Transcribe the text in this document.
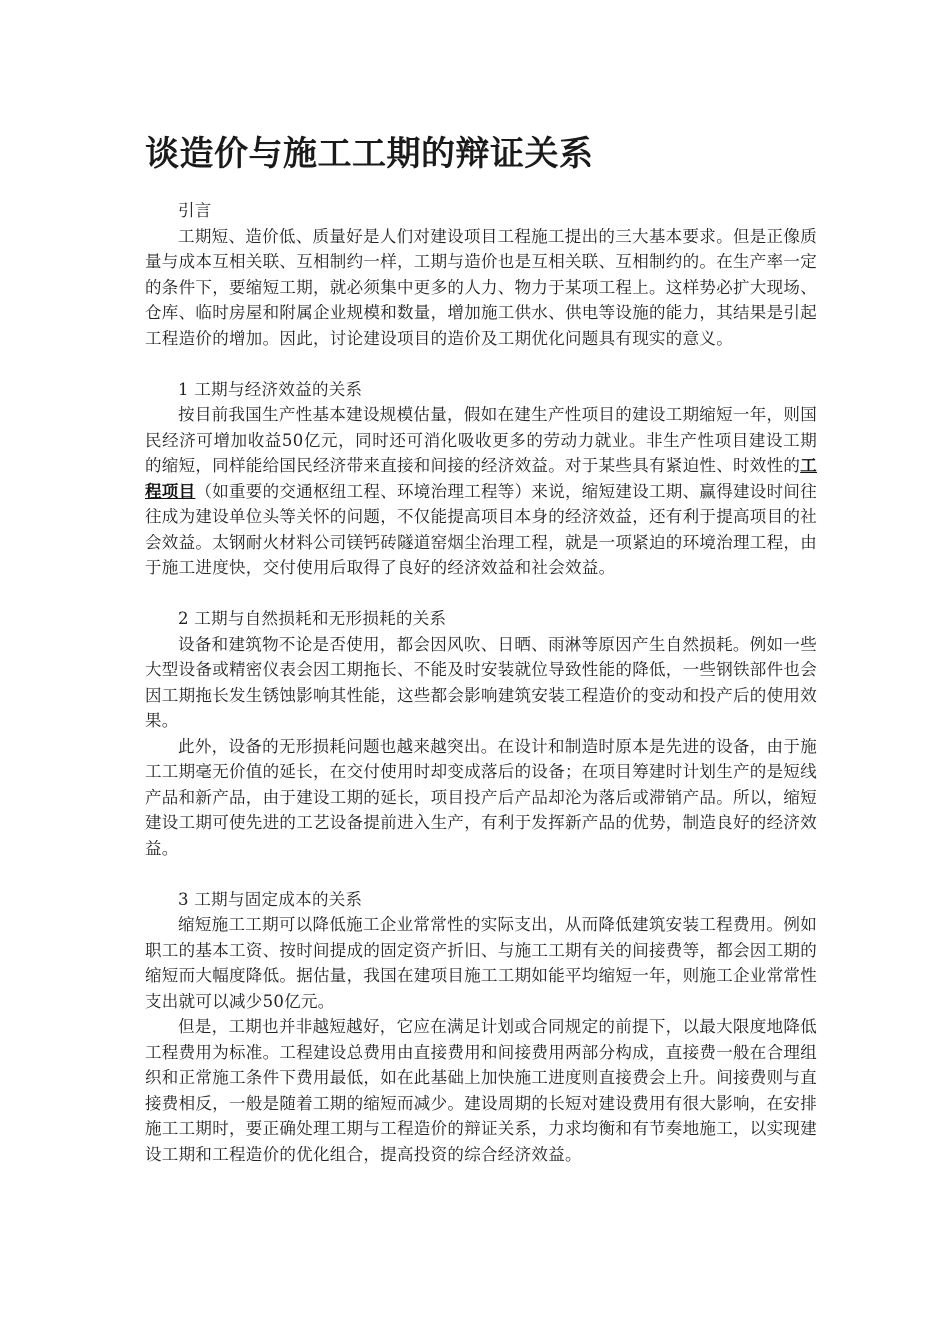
谈造价与施工工期的辩证关系

引言

工期短、造价低、质量好是人们对建设项目工程施工提出的三大基本要求。但是正像质量与成本互相关联、互相制约一样，工期与造价也是互相关联、互相制约的。在生产率一定的条件下，要缩短工期，就必须集中更多的人力、物力于某项工程上。这样势必扩大现场、仓库、临时房屋和附属企业规模和数量，增加施工供水、供电等设施的能力，其结果是引起工程造价的增加。因此，讨论建设项目的造价及工期优化问题具有现实的意义。

1 工期与经济效益的关系

按目前我国生产性基本建设规模估量，假如在建生产性项目的建设工期缩短一年，则国民经济可增加收益50亿元，同时还可消化吸收更多的劳动力就业。非生产性项目建设工期的缩短，同样能给国民经济带来直接和间接的经济效益。对于某些具有紧迫性、时效性的工程项目（如重要的交通枢纽工程、环境治理工程等）来说，缩短建设工期、赢得建设时间往往成为建设单位头等关怀的问题，不仅能提高项目本身的经济效益，还有利于提高项目的社会效益。太钢耐火材料公司镁钙砖隧道窑烟尘治理工程，就是一项紧迫的环境治理工程，由于施工进度快，交付使用后取得了良好的经济效益和社会效益。

2 工期与自然损耗和无形损耗的关系

设备和建筑物不论是否使用，都会因风吹、日晒、雨淋等原因产生自然损耗。例如一些大型设备或精密仪表会因工期拖长、不能及时安装就位导致性能的降低，一些钢铁部件也会因工期拖长发生锈蚀影响其性能，这些都会影响建筑安装工程造价的变动和投产后的使用效果。

此外，设备的无形损耗问题也越来越突出。在设计和制造时原本是先进的设备，由于施工工期毫无价值的延长，在交付使用时却变成落后的设备；在项目筹建时计划生产的是短线产品和新产品，由于建设工期的延长，项目投产后产品却沦为落后或滞销产品。所以，缩短建设工期可使先进的工艺设备提前进入生产，有利于发挥新产品的优势，制造良好的经济效益。

3 工期与固定成本的关系

缩短施工工期可以降低施工企业常常性的实际支出，从而降低建筑安装工程费用。例如职工的基本工资、按时间提成的固定资产折旧、与施工工期有关的间接费等，都会因工期的缩短而大幅度降低。据估量，我国在建项目施工工期如能平均缩短一年，则施工企业常常性支出就可以减少50亿元。

但是，工期也并非越短越好，它应在满足计划或合同规定的前提下，以最大限度地降低工程费用为标准。工程建设总费用由直接费用和间接费用两部分构成，直接费一般在合理组织和正常施工条件下费用最低，如在此基础上加快施工进度则直接费会上升。间接费则与直接费相反，一般是随着工期的缩短而减少。建设周期的长短对建设费用有很大影响，在安排施工工期时，要正确处理工期与工程造价的辩证关系，力求均衡和有节奏地施工，以实现建设工期和工程造价的优化组合，提高投资的综合经济效益。
